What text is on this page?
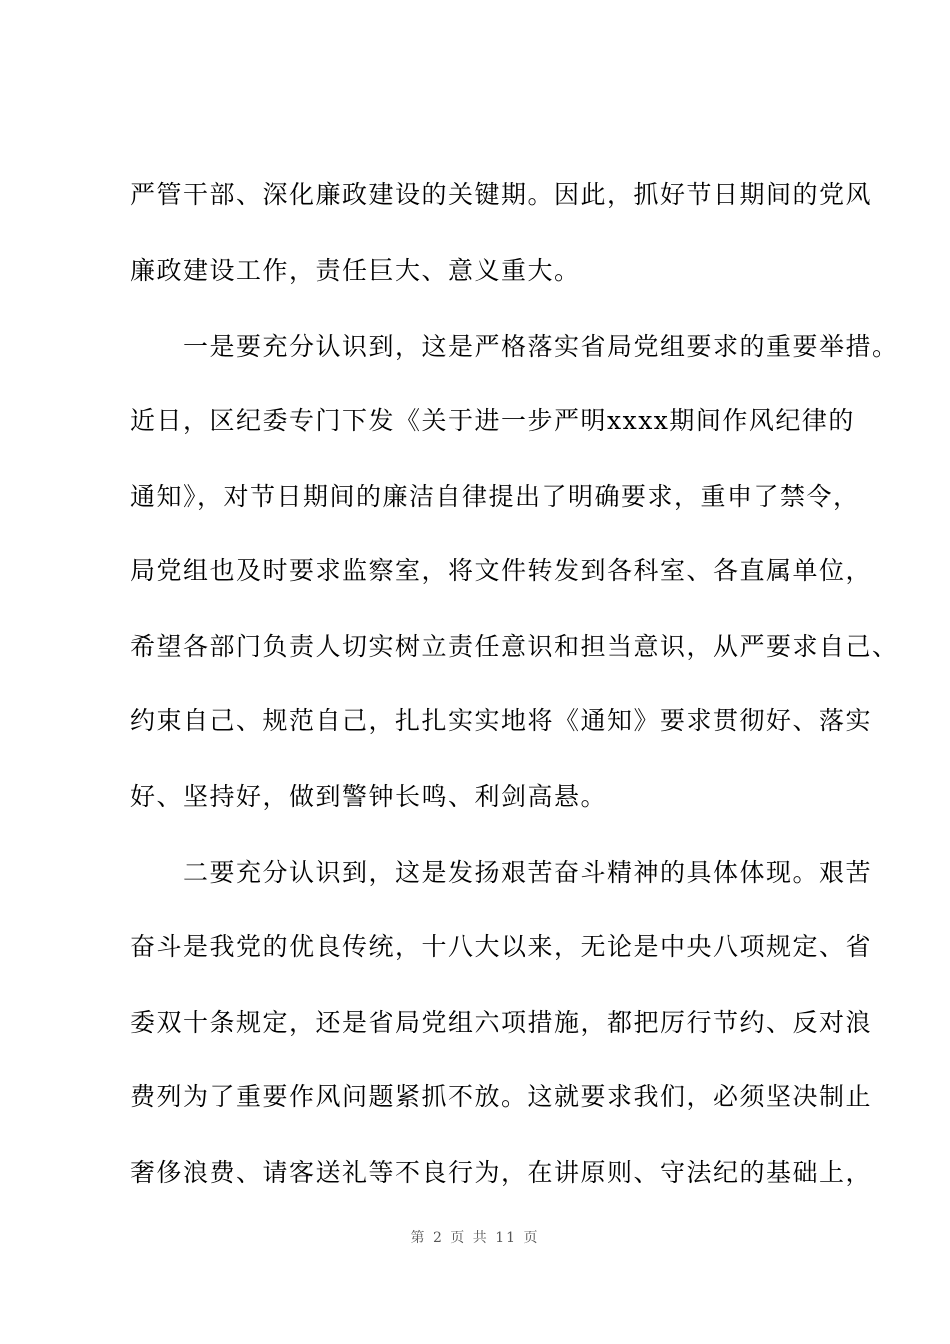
严管干部、深化廉政建设的关键期。因此，抓好节日期间的党风
廉政建设工作，责任巨大、意义重大。
　　一是要充分认识到，这是严格落实省局党组要求的重要举措。
近日，区纪委专门下发《关于进一步严明xxxx期间作风纪律的
通知》，对节日期间的廉洁自律提出了明确要求，重申了禁令，
局党组也及时要求监察室，将文件转发到各科室、各直属单位，
希望各部门负责人切实树立责任意识和担当意识，从严要求自己、
约束自己、规范自己，扎扎实实地将《通知》要求贯彻好、落实
好、坚持好，做到警钟长鸣、利剑高悬。
　　二要充分认识到，这是发扬艰苦奋斗精神的具体体现。艰苦
奋斗是我党的优良传统，十八大以来，无论是中央八项规定、省
委双十条规定，还是省局党组六项措施，都把厉行节约、反对浪
费列为了重要作风问题紧抓不放。这就要求我们，必须坚决制止
奢侈浪费、请客送礼等不良行为，在讲原则、守法纪的基础上，
第 2 页 共 11 页
